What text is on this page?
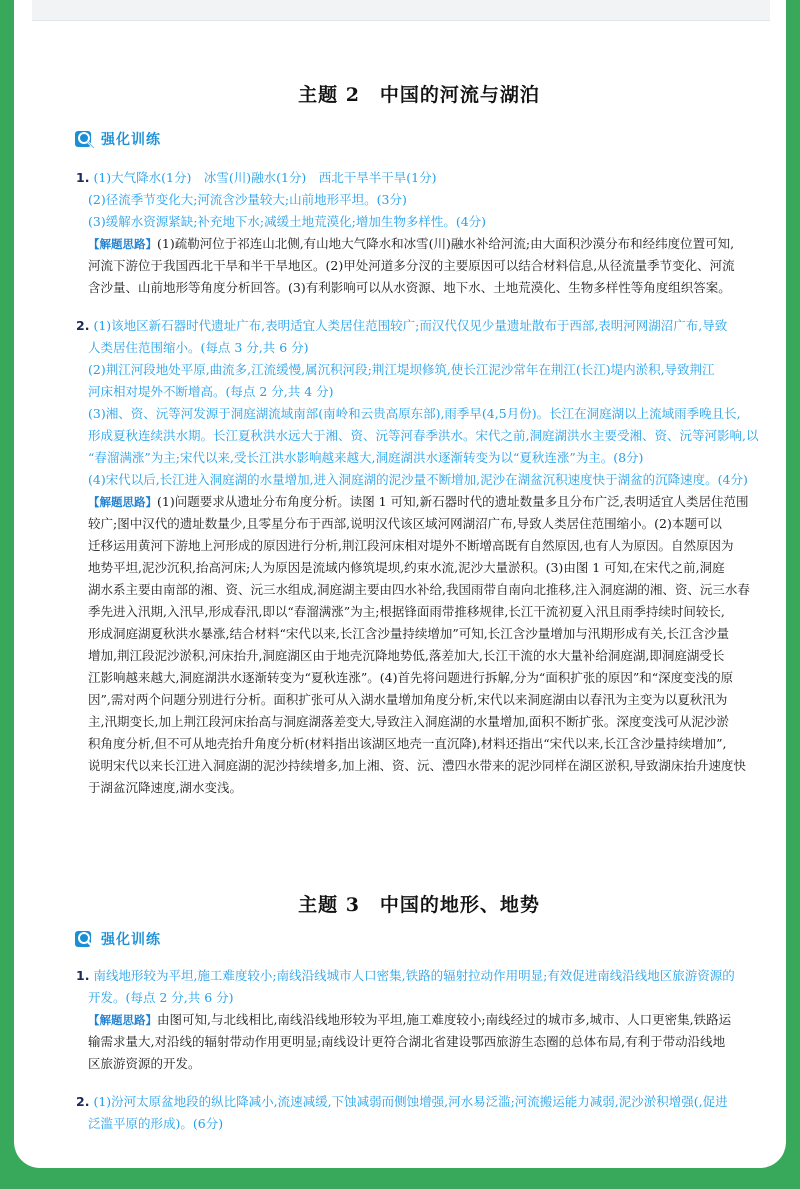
主题 2　中国的河流与湖泊
强化训练
1. (1)大气降水(1分)　冰雪(川)融水(1分)　西北干旱半干旱(1分)
(2)径流季节变化大;河流含沙量较大;山前地形平坦。(3分)
(3)缓解水资源紧缺;补充地下水;减缓土地荒漠化;增加生物多样性。(4分)
【解题思路】(1)疏勒河位于祁连山北侧,有山地大气降水和冰雪(川)融水补给河流;由大面积沙漠分布和经纬度位置可知,
河流下游位于我国西北干旱和半干旱地区。(2)甲处河道多分汊的主要原因可以结合材料信息,从径流量季节变化、河流
含沙量、山前地形等角度分析回答。(3)有利影响可以从水资源、地下水、土地荒漠化、生物多样性等角度组织答案。
2. (1)该地区新石器时代遗址广布,表明适宜人类居住范围较广;而汉代仅见少量遗址散布于西部,表明河网湖沼广布,导致
人类居住范围缩小。(每点 3 分,共 6 分)
(2)荆江河段地处平原,曲流多,江流缓慢,属沉积河段;荆江堤坝修筑,使长江泥沙常年在荆江(长江)堤内淤积,导致荆江
河床相对堤外不断增高。(每点 2 分,共 4 分)
(3)湘、资、沅等河发源于洞庭湖流域南部(南岭和云贵高原东部),雨季早(4,5月份)。长江在洞庭湖以上流域雨季晚且长,
形成夏秋连续洪水期。长江夏秋洪水远大于湘、资、沅等河春季洪水。宋代之前,洞庭湖洪水主要受湘、资、沅等河影响,以
“春溜满涨”为主;宋代以来,受长江洪水影响越来越大,洞庭湖洪水逐渐转变为以“夏秋连涨”为主。(8分)
(4)宋代以后,长江进入洞庭湖的水量增加,进入洞庭湖的泥沙量不断增加,泥沙在湖盆沉积速度快于湖盆的沉降速度。(4分)
【解题思路】(1)问题要求从遗址分布角度分析。读图 1 可知,新石器时代的遗址数量多且分布广泛,表明适宜人类居住范围
较广;图中汉代的遗址数量少,且零星分布于西部,说明汉代该区域河网湖沼广布,导致人类居住范围缩小。(2)本题可以
迁移运用黄河下游地上河形成的原因进行分析,荆江段河床相对堤外不断增高既有自然原因,也有人为原因。自然原因为
地势平坦,泥沙沉积,抬高河床;人为原因是流域内修筑堤坝,约束水流,泥沙大量淤积。(3)由图 1 可知,在宋代之前,洞庭
湖水系主要由南部的湘、资、沅三水组成,洞庭湖主要由四水补给,我国雨带自南向北推移,注入洞庭湖的湘、资、沅三水春
季先进入汛期,入汛早,形成春汛,即以“春溜满涨”为主;根据锋面雨带推移规律,长江干流初夏入汛且雨季持续时间较长,
形成洞庭湖夏秋洪水暴涨,结合材料“宋代以来,长江含沙量持续增加”可知,长江含沙量增加与汛期形成有关,长江含沙量
增加,荆江段泥沙淤积,河床抬升,洞庭湖区由于地壳沉降地势低,落差加大,长江干流的水大量补给洞庭湖,即洞庭湖受长
江影响越来越大,洞庭湖洪水逐渐转变为“夏秋连涨”。(4)首先将问题进行拆解,分为“面积扩张的原因”和“深度变浅的原
因”,需对两个问题分别进行分析。面积扩张可从入湖水量增加角度分析,宋代以来洞庭湖由以春汛为主变为以夏秋汛为
主,汛期变长,加上荆江段河床抬高与洞庭湖落差变大,导致注入洞庭湖的水量增加,面积不断扩张。深度变浅可从泥沙淤
积角度分析,但不可从地壳抬升角度分析(材料指出该湖区地壳一直沉降),材料还指出“宋代以来,长江含沙量持续增加”,
说明宋代以来长江进入洞庭湖的泥沙持续增多,加上湘、资、沅、澧四水带来的泥沙同样在湖区淤积,导致湖床抬升速度快
于湖盆沉降速度,湖水变浅。
主题 3　中国的地形、地势
强化训练
1. 南线地形较为平坦,施工难度较小;南线沿线城市人口密集,铁路的辐射拉动作用明显;有效促进南线沿线地区旅游资源的
开发。(每点 2 分,共 6 分)
【解题思路】由图可知,与北线相比,南线沿线地形较为平坦,施工难度较小;南线经过的城市多,城市、人口更密集,铁路运
输需求量大,对沿线的辐射带动作用更明显;南线设计更符合湖北省建设鄂西旅游生态圈的总体布局,有利于带动沿线地
区旅游资源的开发。
2. (1)汾河太原盆地段的纵比降减小,流速减缓,下蚀减弱而侧蚀增强,河水易泛滥;河流搬运能力减弱,泥沙淤积增强(,促进
泛滥平原的形成)。(6分)
